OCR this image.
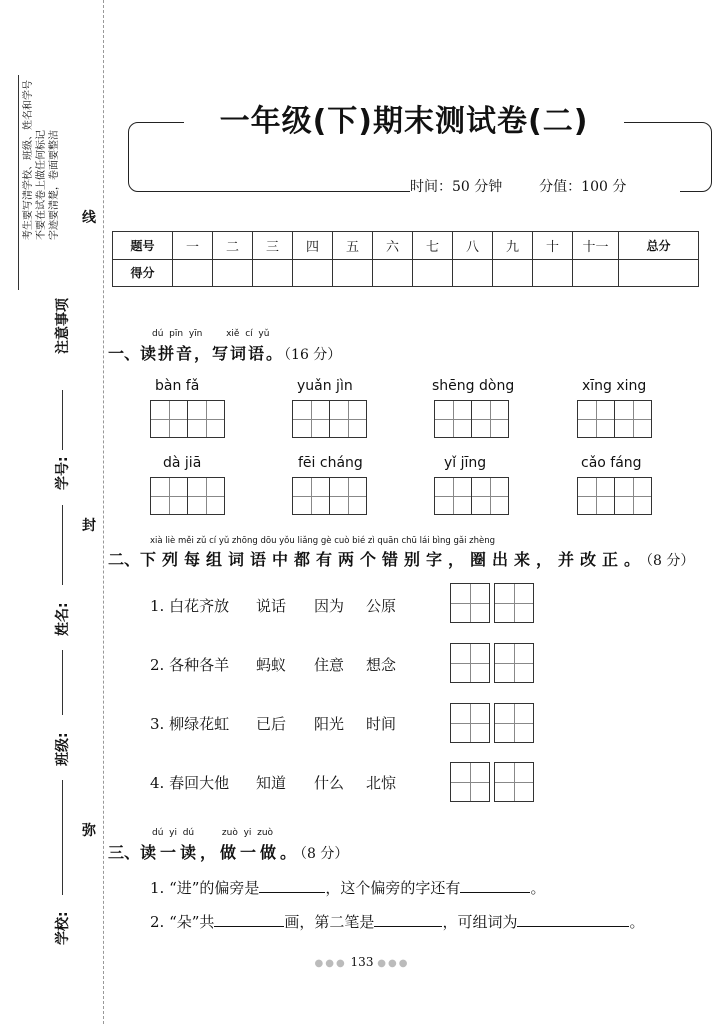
考生要写清学校、班级、姓名和学号 不要在试卷上做任何标记 字迹要清楚，卷面要整洁
注意事项
学号:
姓名:
班级:
学校:
线
封
弥
一年级(下)期末测试卷(二)
时间：50 分钟	分值：100 分
题号	一	二	三	四	五	六	七	八	九	十	十一	总分
得分												
dú pīn yīn	xiě cí yǔ
一、读拼音，写词语。（16 分）
bàn fǎ	yuǎn jìn	shēng dòng	xīng xing
dà jiā	fēi cháng	yǐ jīng	cǎo fáng
xià liè měi zǔ cí yǔ zhōng dōu yǒu liǎng gè cuò bié zì quān chū lái bìng gǎi zhèng
二、下列每组词语中都有两个错别字，圈出来，并改正。（8 分）
1. 白花齐放 说话 因为 公原
2. 各种各羊 蚂蚁 住意 想念
3. 柳绿花虹 已后 阳光 时间
4. 春回大他 知道 什么 北惊
dú yi dú	zuò yi zuò
三、读一读，做一做。（8 分）
1. “进”的偏旁是	，这个偏旁的字还有	。
2. “朵”共	画，第二笔是	，可组词为	。
●●● 133 ●●●
